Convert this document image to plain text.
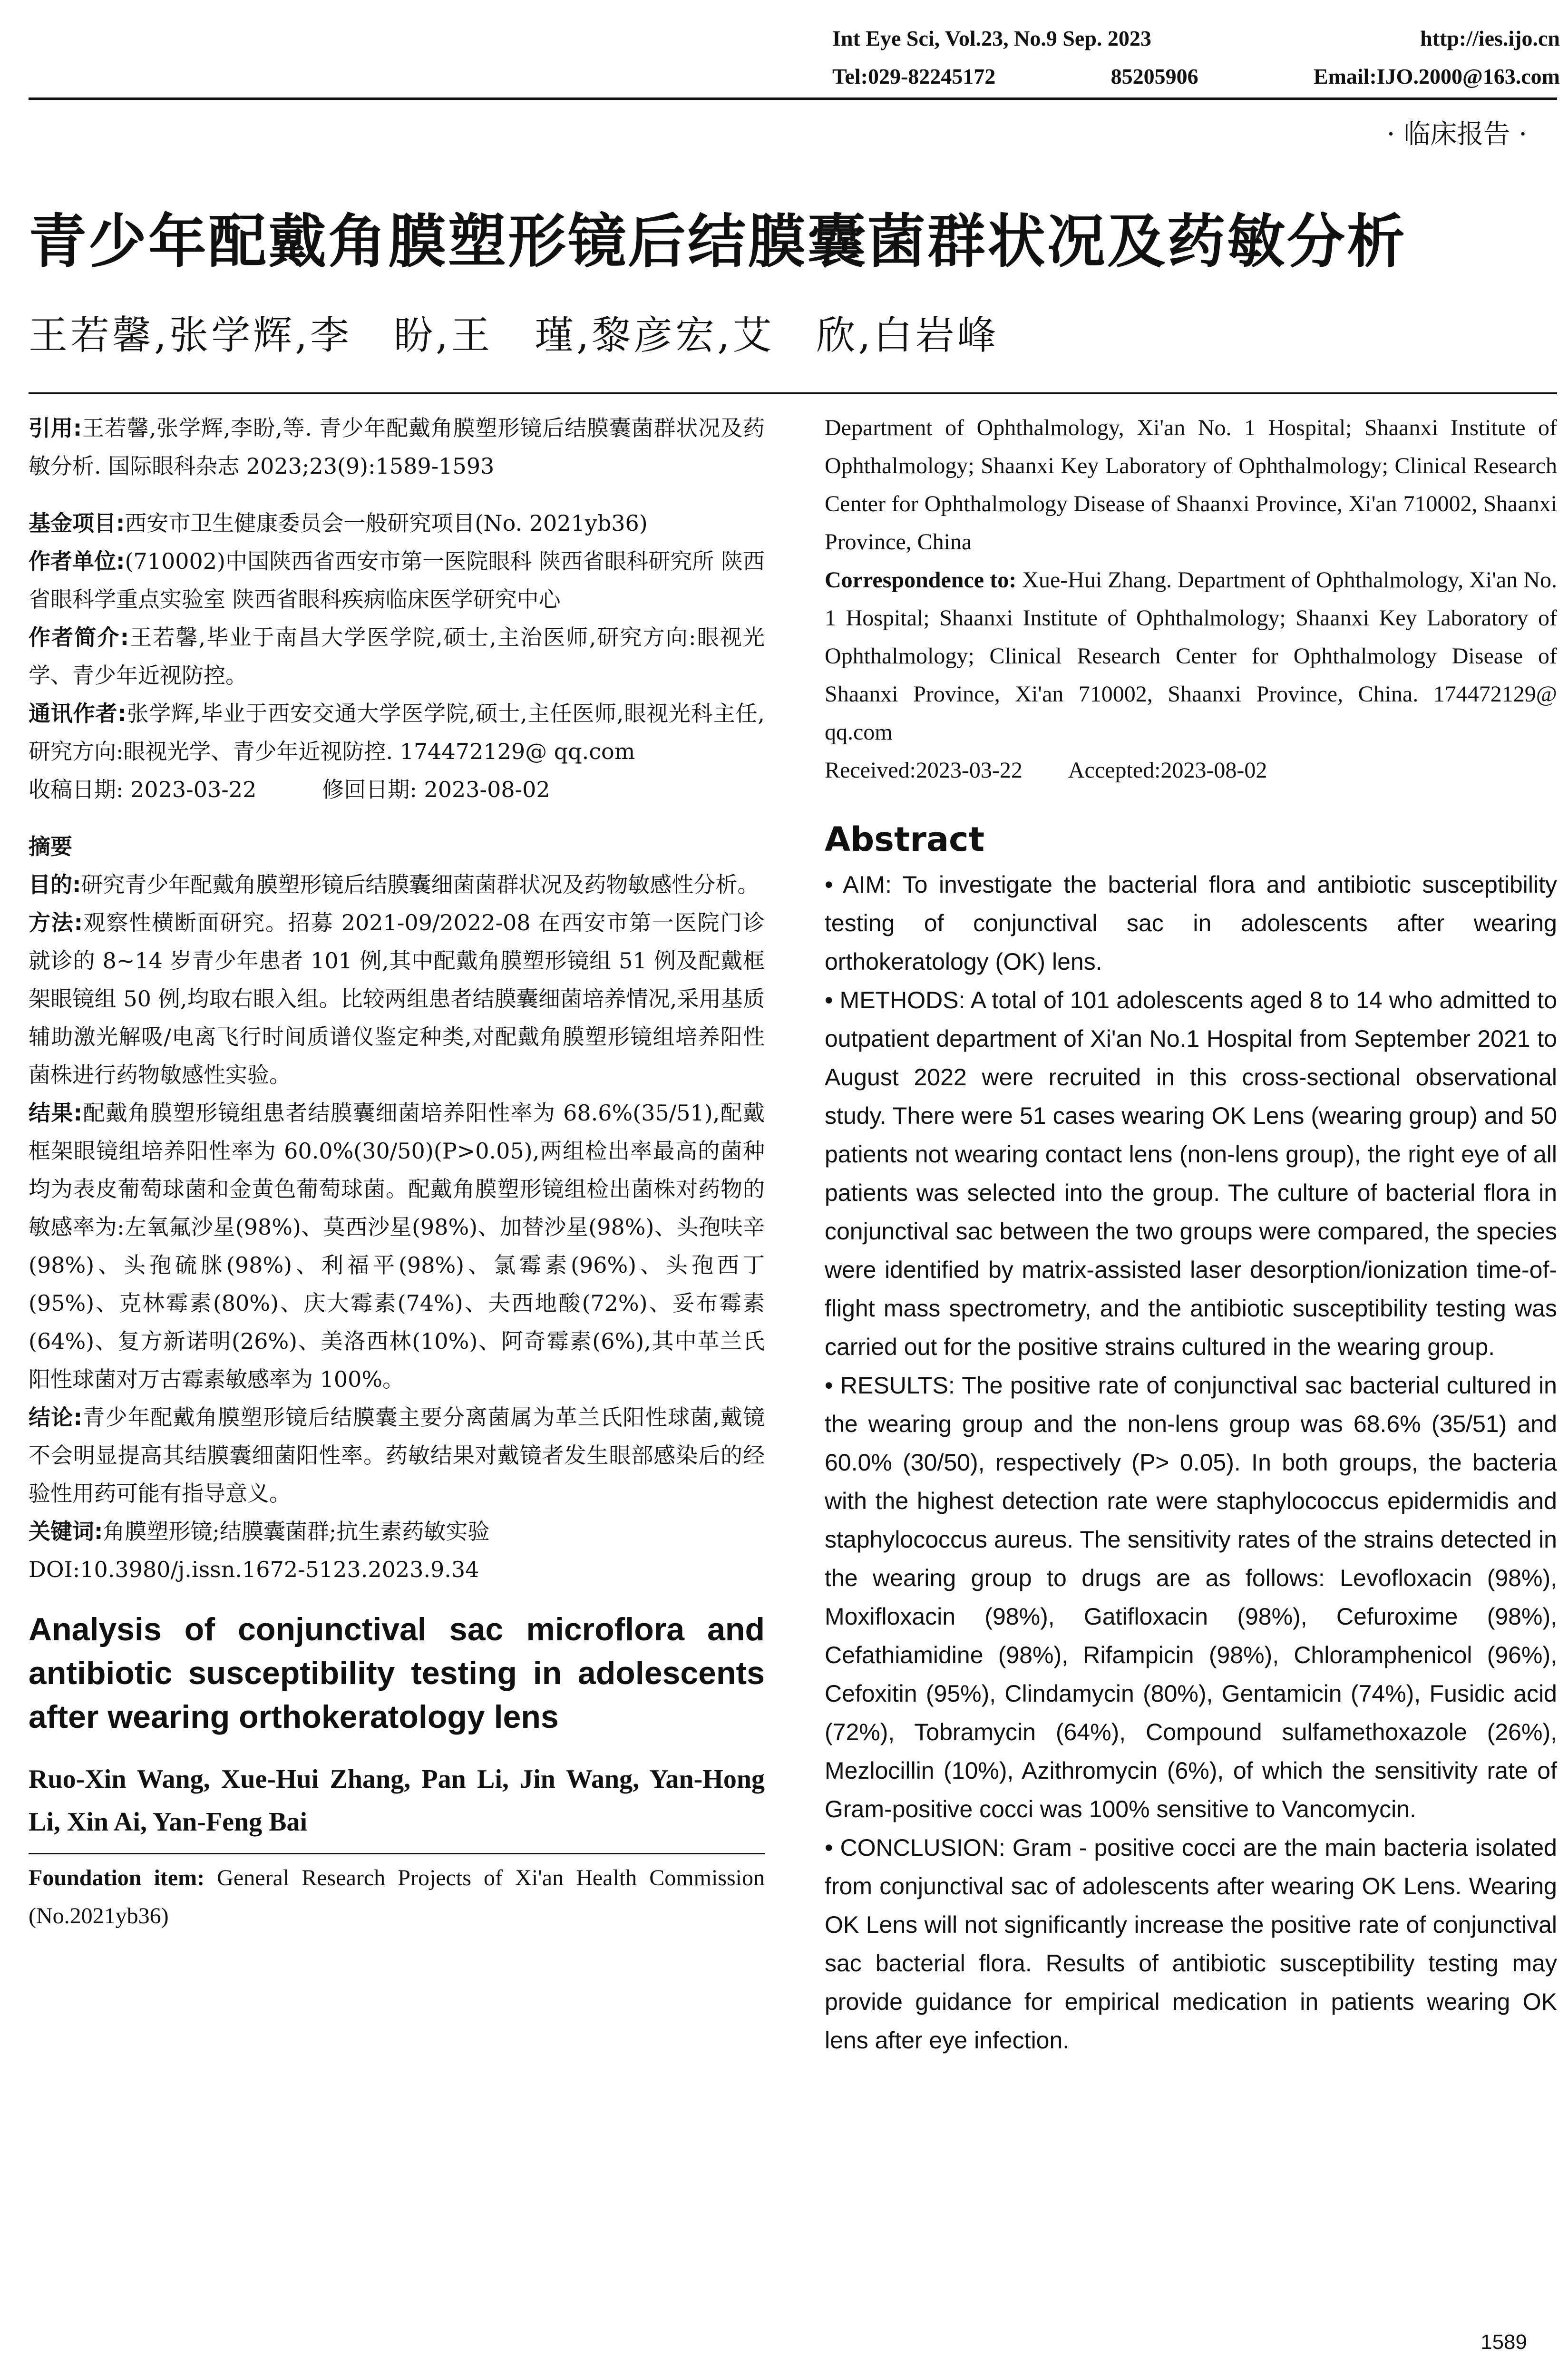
Int Eye Sci, Vol.23, No.9 Sep. 2023	http://ies.ijo.cn
Tel:029-82245172	85205906	Email:IJO.2000@163.com
· 临床报告 ·
青少年配戴角膜塑形镜后结膜囊菌群状况及药敏分析
王若馨,张学辉,李　盼,王　瑾,黎彦宏,艾　欣,白岩峰
引用:王若馨,张学辉,李盼,等. 青少年配戴角膜塑形镜后结膜囊菌群状况及药敏分析. 国际眼科杂志 2023;23(9):1589-1593
基金项目:西安市卫生健康委员会一般研究项目(No. 2021yb36)
作者单位:(710002)中国陕西省西安市第一医院眼科 陕西省眼科研究所 陕西省眼科学重点实验室 陕西省眼科疾病临床医学研究中心
作者简介:王若馨,毕业于南昌大学医学院,硕士,主治医师,研究方向:眼视光学、青少年近视防控。
通讯作者:张学辉,毕业于西安交通大学医学院,硕士,主任医师,眼视光科主任,研究方向:眼视光学、青少年近视防控. 174472129@ qq.com
收稿日期: 2023-03-22　　　	修回日期: 2023-08-02
摘要
目的:研究青少年配戴角膜塑形镜后结膜囊细菌菌群状况及药物敏感性分析。
方法:观察性横断面研究。招募 2021-09/2022-08 在西安市第一医院门诊就诊的 8~14 岁青少年患者 101 例,其中配戴角膜塑形镜组 51 例及配戴框架眼镜组 50 例,均取右眼入组。比较两组患者结膜囊细菌培养情况,采用基质辅助激光解吸/电离飞行时间质谱仪鉴定种类,对配戴角膜塑形镜组培养阳性菌株进行药物敏感性实验。
结果:配戴角膜塑形镜组患者结膜囊细菌培养阳性率为 68.6%(35/51),配戴框架眼镜组培养阳性率为 60.0%(30/50)(P>0.05),两组检出率最高的菌种均为表皮葡萄球菌和金黄色葡萄球菌。配戴角膜塑形镜组检出菌株对药物的敏感率为:左氧氟沙星(98%)、莫西沙星(98%)、加替沙星(98%)、头孢呋辛(98%)、头孢硫脒(98%)、利福平(98%)、氯霉素(96%)、头孢西丁(95%)、克林霉素(80%)、庆大霉素(74%)、夫西地酸(72%)、妥布霉素(64%)、复方新诺明(26%)、美洛西林(10%)、阿奇霉素(6%),其中革兰氏阳性球菌对万古霉素敏感率为 100%。
结论:青少年配戴角膜塑形镜后结膜囊主要分离菌属为革兰氏阳性球菌,戴镜不会明显提高其结膜囊细菌阳性率。药敏结果对戴镜者发生眼部感染后的经验性用药可能有指导意义。
关键词:角膜塑形镜;结膜囊菌群;抗生素药敏实验
DOI:10.3980/j.issn.1672-5123.2023.9.34
Analysis of conjunctival sac microflora and antibiotic susceptibility testing in adolescents after wearing orthokeratology lens
Ruo-Xin Wang, Xue-Hui Zhang, Pan Li, Jin Wang, Yan-Hong Li, Xin Ai, Yan-Feng Bai
Foundation item: General Research Projects of Xi'an Health Commission (No.2021yb36)
Department of Ophthalmology, Xi'an No. 1 Hospital; Shaanxi Institute of Ophthalmology; Shaanxi Key Laboratory of Ophthalmology; Clinical Research Center for Ophthalmology Disease of Shaanxi Province, Xi'an 710002, Shaanxi Province, China
Correspondence to: Xue-Hui Zhang. Department of Ophthalmology, Xi'an No. 1 Hospital; Shaanxi Institute of Ophthalmology; Shaanxi Key Laboratory of Ophthalmology; Clinical Research Center for Ophthalmology Disease of Shaanxi Province, Xi'an 710002, Shaanxi Province, China. 174472129@ qq.com
Received:2023-03-22　　 Accepted:2023-08-02
Abstract

• AIM: To investigate the bacterial flora and antibiotic susceptibility testing of conjunctival sac in adolescents after wearing orthokeratology (OK) lens.

• METHODS: A total of 101 adolescents aged 8 to 14 who admitted to outpatient department of Xi'an No.1 Hospital from September 2021 to August 2022 were recruited in this cross-sectional observational study. There were 51 cases wearing OK Lens (wearing group) and 50 patients not wearing contact lens (non-lens group), the right eye of all patients was selected into the group. The culture of bacterial flora in conjunctival sac between the two groups were compared, the species were identified by matrix-assisted laser desorption/ionization time-of-flight mass spectrometry, and the antibiotic susceptibility testing was carried out for the positive strains cultured in the wearing group.

• RESULTS: The positive rate of conjunctival sac bacterial cultured in the wearing group and the non-lens group was 68.6% (35/51) and 60.0% (30/50), respectively (P> 0.05). In both groups, the bacteria with the highest detection rate were staphylococcus epidermidis and staphylococcus aureus. The sensitivity rates of the strains detected in the wearing group to drugs are as follows: Levofloxacin (98%), Moxifloxacin (98%), Gatifloxacin (98%), Cefuroxime (98%), Cefathiamidine (98%), Rifampicin (98%), Chloramphenicol (96%), Cefoxitin (95%), Clindamycin (80%), Gentamicin (74%), Fusidic acid (72%), Tobramycin (64%), Compound sulfamethoxazole (26%), Mezlocillin (10%), Azithromycin (6%), of which the sensitivity rate of Gram-positive cocci was 100% sensitive to Vancomycin.

• CONCLUSION: Gram - positive cocci are the main bacteria isolated from conjunctival sac of adolescents after wearing OK Lens. Wearing OK Lens will not significantly increase the positive rate of conjunctival sac bacterial flora. Results of antibiotic susceptibility testing may provide guidance for empirical medication in patients wearing OK lens after eye infection.

1589
